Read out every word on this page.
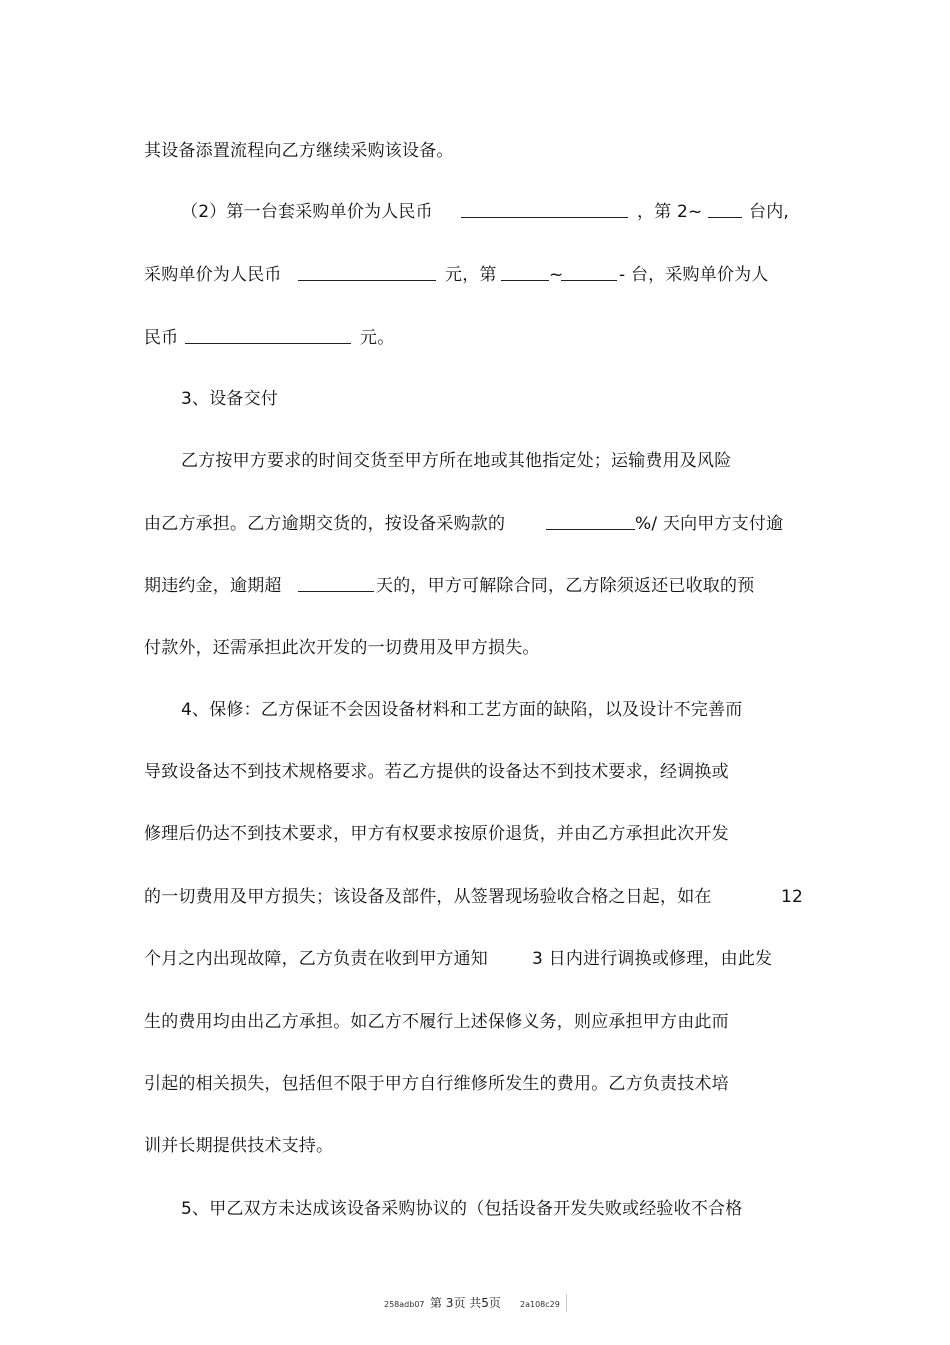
其设备添置流程向乙方继续采购该设备。
（2）第一台套采购单价为人民币	，第 2~	台内,
采购单价为人民币	元，第	~	- 台，采购单价为人
民币	元。
3、设备交付
乙方按甲方要求的时间交货至甲方所在地或其他指定处；运输费用及风险
由乙方承担。乙方逾期交货的，按设备采购款的	%/ 天向甲方支付逾
期违约金，逾期超	天的，甲方可解除合同，乙方除须返还已收取的预
付款外，还需承担此次开发的一切费用及甲方损失。
4、保修：乙方保证不会因设备材料和工艺方面的缺陷，以及设计不完善而
导致设备达不到技术规格要求。若乙方提供的设备达不到技术要求，经调换或
修理后仍达不到技术要求，甲方有权要求按原价退货，并由乙方承担此次开发
的一切费用及甲方损失；该设备及部件，从签署现场验收合格之日起，如在	12
个月之内出现故障，乙方负责在收到甲方通知	3 日内进行调换或修理，由此发
生的费用均由出乙方承担。如乙方不履行上述保修义务，则应承担甲方由此而
引起的相关损失，包括但不限于甲方自行维修所发生的费用。乙方负责技术培
训并长期提供技术支持。
5、甲乙双方未达成该设备采购协议的（包括设备开发失败或经验收不合格
258adb07 第 3页 共5页 2a108c29
